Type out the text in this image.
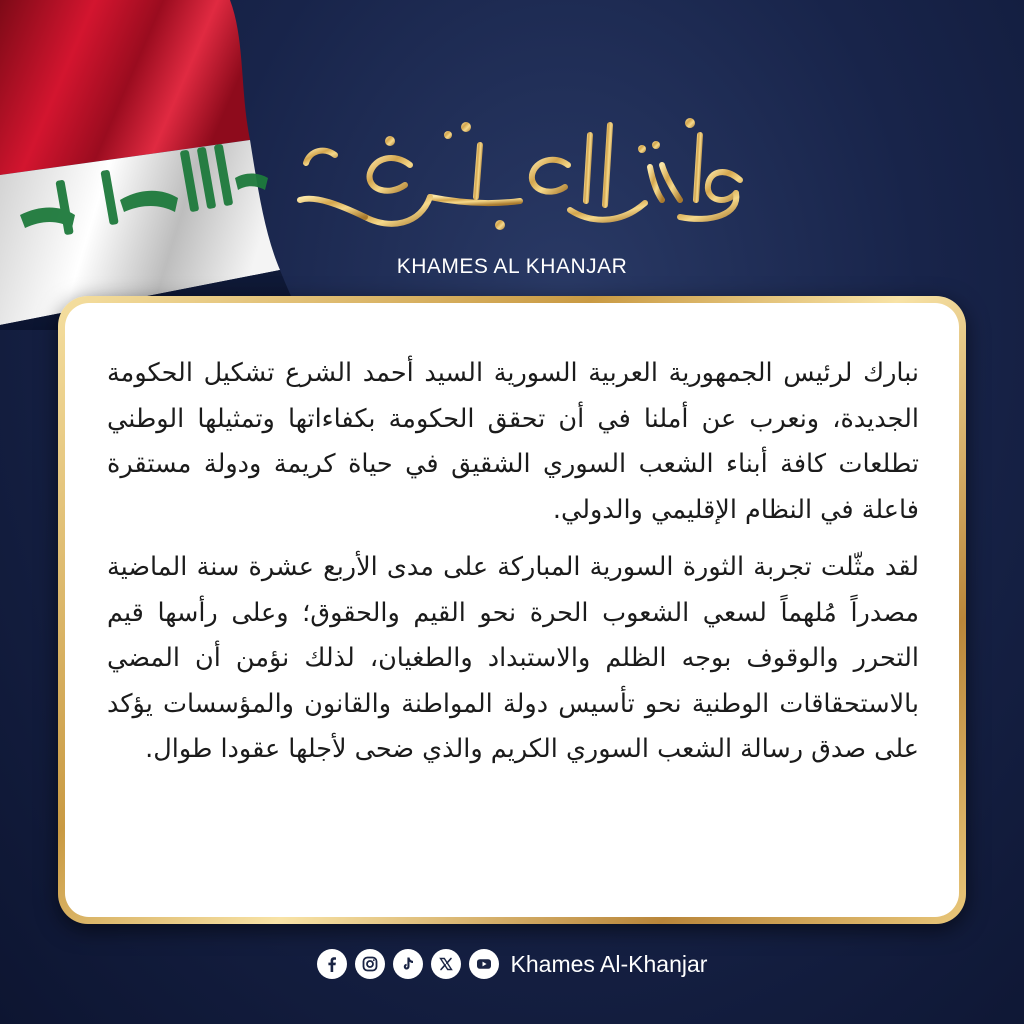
KHAMES AL KHANJAR

نبارك لرئيس الجمهورية العربية السورية السيد أحمد الشرع تشكيل الحكومة الجديدة، ونعرب عن أملنا في أن تحقق الحكومة بكفاءاتها وتمثيلها الوطني تطلعات كافة أبناء الشعب السوري الشقيق في حياة كريمة ودولة مستقرة فاعلة في النظام الإقليمي والدولي.

لقد مثّلت تجربة الثورة السورية المباركة على مدى الأربع عشرة سنة الماضية مصدراً مُلهماً لسعي الشعوب الحرة نحو القيم والحقوق؛ وعلى رأسها قيم التحرر والوقوف بوجه الظلم والاستبداد والطغيان، لذلك نؤمن أن المضي بالاستحقاقات الوطنية نحو تأسيس دولة المواطنة والقانون والمؤسسات يؤكد على صدق رسالة الشعب السوري الكريم والذي ضحى لأجلها عقودا طوال.

Khames Al-Khanjar
